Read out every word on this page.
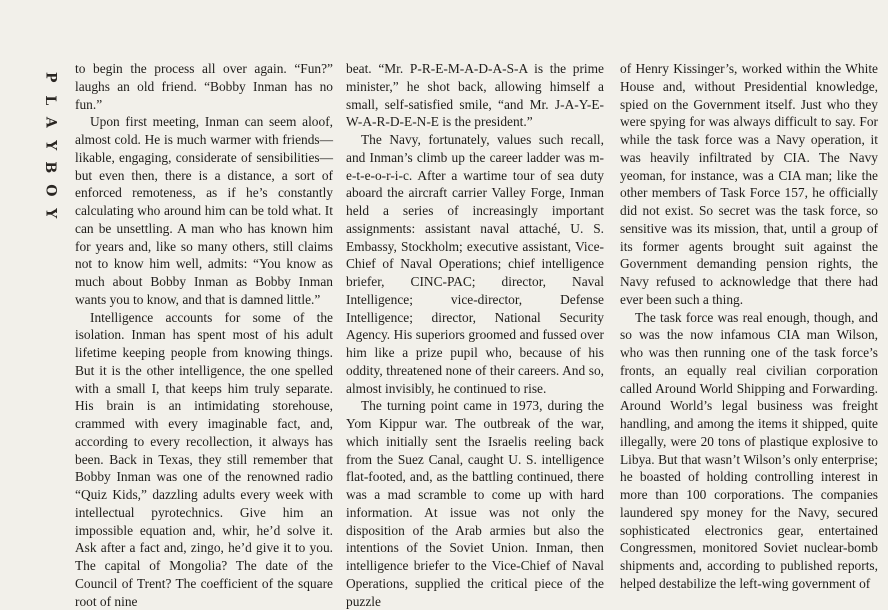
P
L
A
Y
B
O
Y

to begin the process all over again. “Fun?” laughs an old friend. “Bobby Inman has no fun.”

Upon first meeting, Inman can seem aloof, almost cold. He is much warmer with friends—likable, engaging, considerate of sensibilities—but even then, there is a distance, a sort of enforced remoteness, as if he’s constantly calculating who around him can be told what. It can be unsettling. A man who has known him for years and, like so many others, still claims not to know him well, admits: “You know as much about Bobby Inman as Bobby Inman wants you to know, and that is damned little.”

Intelligence accounts for some of the isolation. Inman has spent most of his adult lifetime keeping people from knowing things. But it is the other intelligence, the one spelled with a small I, that keeps him truly separate. His brain is an intimidating storehouse, crammed with every imaginable fact, and, according to every recollection, it always has been. Back in Texas, they still remember that Bobby Inman was one of the renowned radio “Quiz Kids,” dazzling adults every week with intellectual pyrotechnics. Give him an impossible equation and, whir, he’d solve it. Ask after a fact and, zingo, he’d give it to you. The capital of Mongolia? The date of the Council of Trent? The coefficient of the square root of nine

beat. “Mr. P-R-E-M-A-D-A-S-A is the prime minister,” he shot back, allowing himself a small, self-satisfied smile, “and Mr. J-A-Y-E-W-A-R-D-E-N-E is the president.”

The Navy, fortunately, values such recall, and Inman’s climb up the career ladder was m-e-t-e-o-r-i-c. After a wartime tour of sea duty aboard the aircraft carrier Valley Forge, Inman held a series of increasingly important assignments: assistant naval attaché, U. S. Embassy, Stockholm; executive assistant, Vice-Chief of Naval Operations; chief intelligence briefer, CINC-PAC; director, Naval Intelligence; vice-director, Defense Intelligence; director, National Security Agency. His superiors groomed and fussed over him like a prize pupil who, because of his oddity, threatened none of their careers. And so, almost invisibly, he continued to rise.

The turning point came in 1973, during the Yom Kippur war. The outbreak of the war, which initially sent the Israelis reeling back from the Suez Canal, caught U. S. intelligence flat-footed, and, as the battling continued, there was a mad scramble to come up with hard information. At issue was not only the disposition of the Arab armies but also the intentions of the Soviet Union. Inman, then intelligence briefer to the Vice-Chief of Naval Operations, supplied the critical piece of the puzzle

of Henry Kissinger’s, worked within the White House and, without Presidential knowledge, spied on the Government itself. Just who they were spying for was always difficult to say. For while the task force was a Navy operation, it was heavily infiltrated by CIA. The Navy yeoman, for instance, was a CIA man; like the other members of Task Force 157, he officially did not exist. So secret was the task force, so sensitive was its mission, that, until a group of its former agents brought suit against the Government demanding pension rights, the Navy refused to acknowledge that there had ever been such a thing.

The task force was real enough, though, and so was the now infamous CIA man Wilson, who was then running one of the task force’s fronts, an equally real civilian corporation called Around World Shipping and Forwarding. Around World’s legal business was freight handling, and among the items it shipped, quite illegally, were 20 tons of plastique explosive to Libya. But that wasn’t Wilson’s only enterprise; he boasted of holding controlling interest in more than 100 corporations. The companies laundered spy money for the Navy, secured sophisticated electronics gear, entertained Congressmen, monitored Soviet nuclear-bomb shipments and, according to published reports, helped destabilize the left-wing government of
